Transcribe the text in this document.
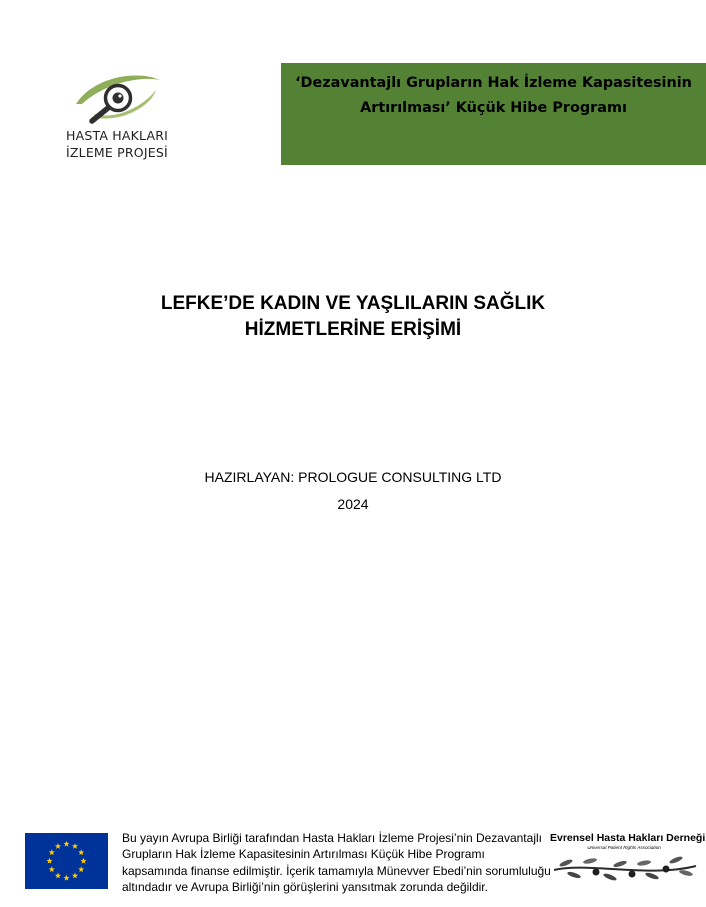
HASTA HAKLARI
İZLEME PROJESİ
‘Dezavantajlı Grupların Hak İzleme Kapasitesinin
Artırılması’ Küçük Hibe Programı
LEFKE’DE KADIN VE YAŞLILARIN SAĞLIK
HİZMETLERİNE ERİŞİMİ
HAZIRLAYAN: PROLOGUE CONSULTING LTD
2024
Bu yayın Avrupa Birliği tarafından Hasta Hakları İzleme Projesi’nin Dezavantajlı Grupların Hak İzleme Kapasitesinin Artırılması Küçük Hibe Programı kapsamında finanse edilmiştir. İçerik tamamıyla Münevver Ebedi’nin sorumluluğu altındadır ve Avrupa Birliği’nin görüşlerini yansıtmak zorunda değildir.
Evrensel Hasta Hakları Derneği
Universal Patient Rights Association
